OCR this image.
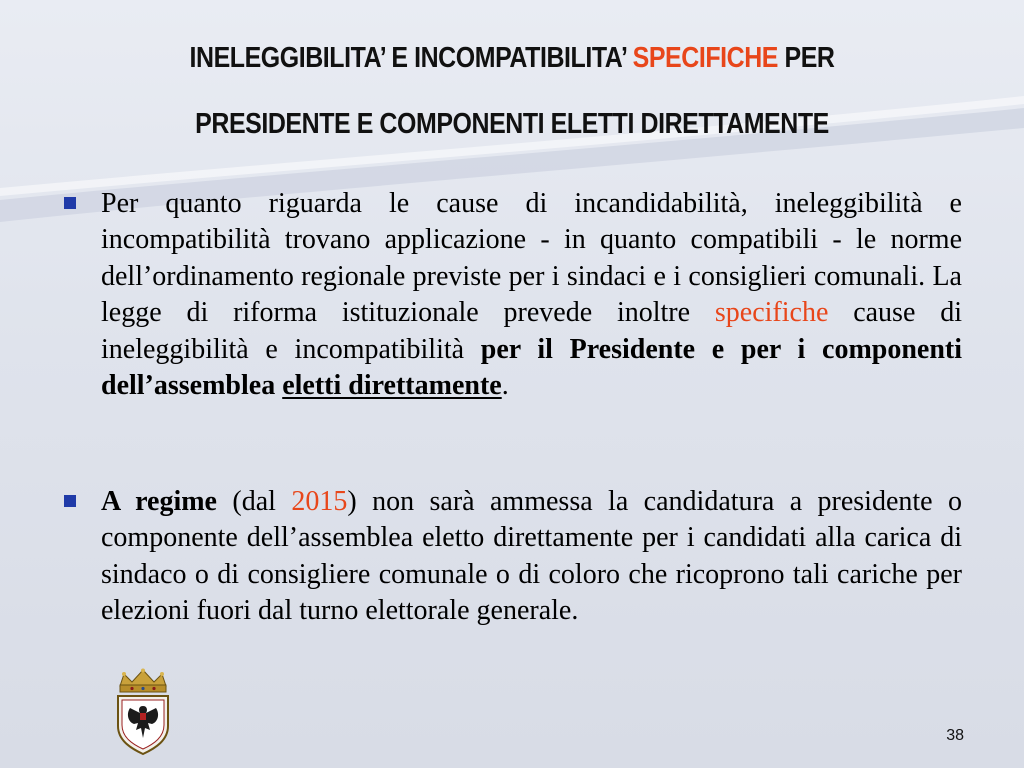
INELEGGIBILITA’ E INCOMPATIBILITA’ SPECIFICHE PER
PRESIDENTE E COMPONENTI ELETTI DIRETTAMENTE
Per quanto riguarda le cause di incandidabilità, ineleggibilità e incompatibilità trovano applicazione - in quanto compatibili - le norme dell’ordinamento regionale previste per i sindaci e i consiglieri comunali. La legge di riforma istituzionale prevede inoltre specifiche cause di ineleggibilità e incompatibilità per il Presidente e per i componenti dell’assemblea eletti direttamente.
A regime (dal 2015) non sarà ammessa la candidatura a presidente o componente dell’assemblea eletto direttamente per i candidati alla carica di sindaco o di consigliere comunale o di coloro che ricoprono tali cariche per elezioni fuori dal turno elettorale generale.
38
